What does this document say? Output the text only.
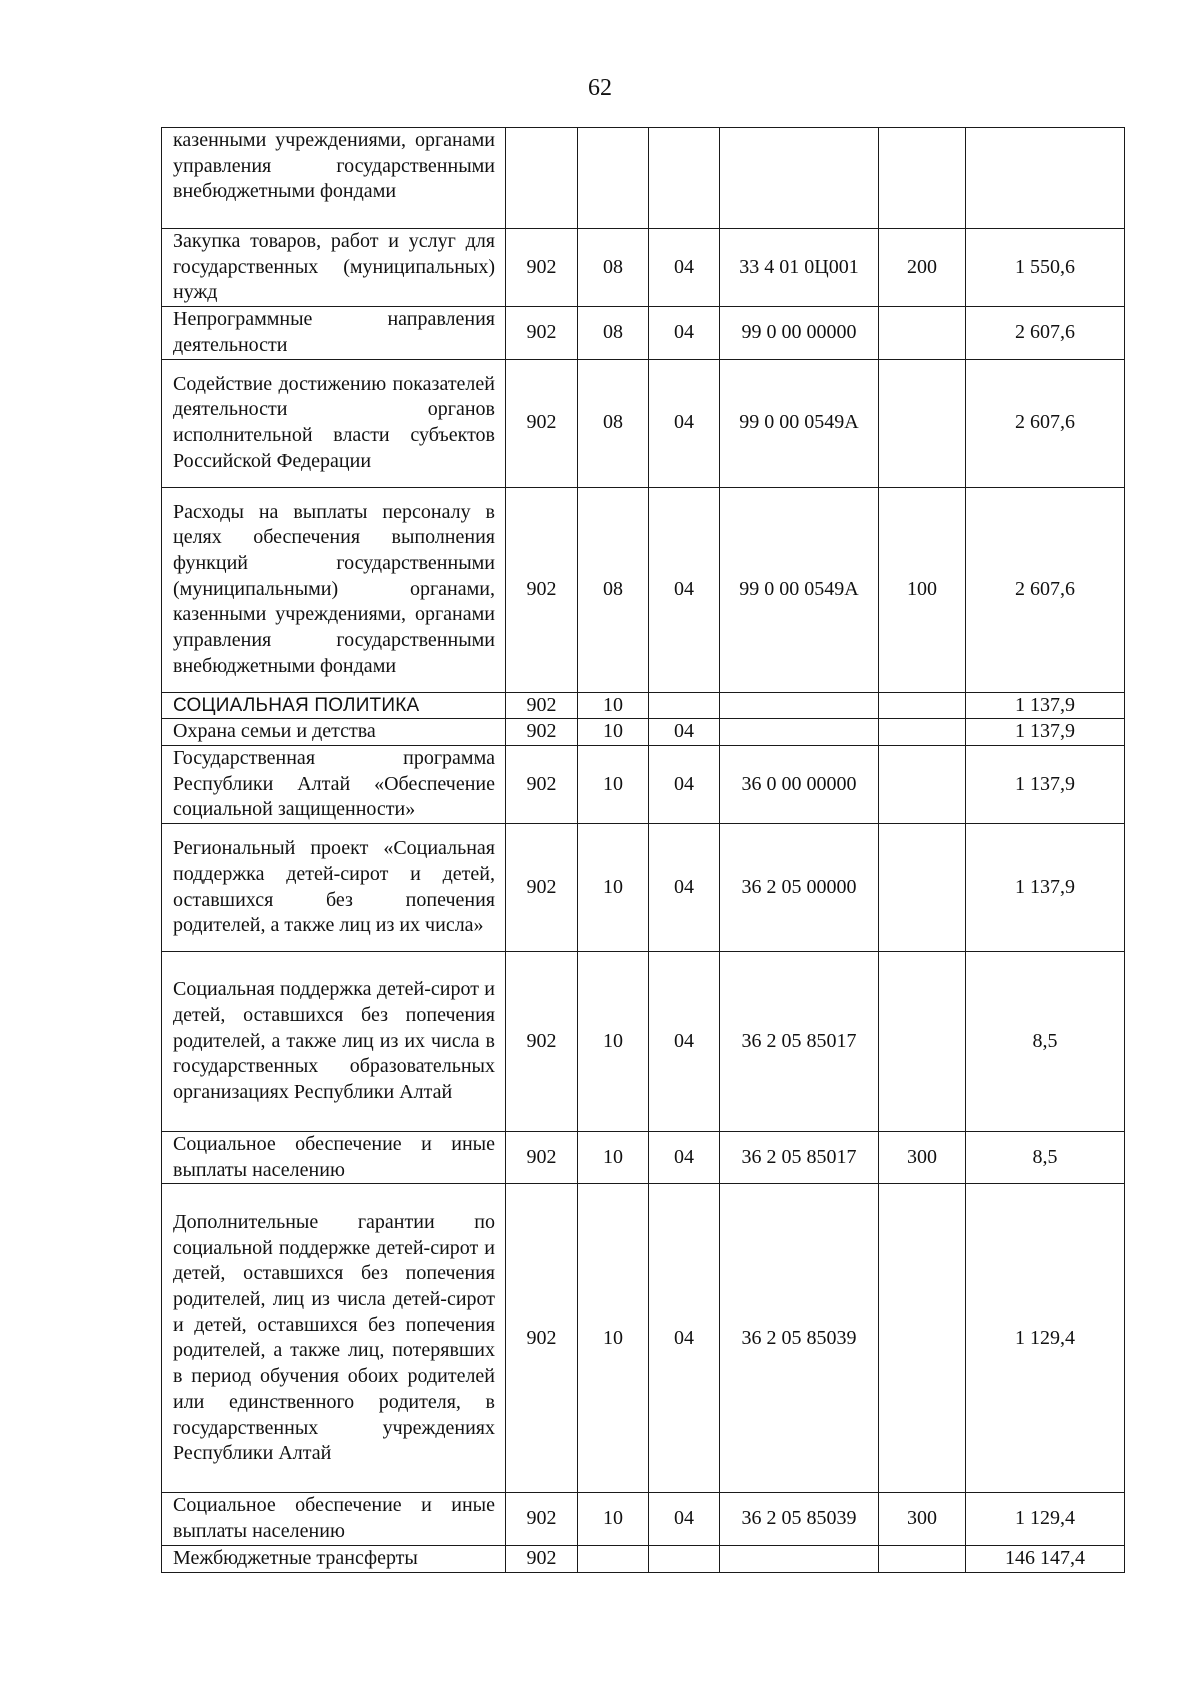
62
казенными учреждениями, органами управления государственными внебюджетными фондами						
Закупка товаров, работ и услуг для государственных (муниципальных) нужд	902	08	04	33 4 01 0Ц001	200	1 550,6
Непрограммные направления деятельности	902	08	04	99 0 00 00000		2 607,6
Содействие достижению показателей деятельности органов исполнительной власти субъектов Российской Федерации	902	08	04	99 0 00 0549А		2 607,6
Расходы на выплаты персоналу в целях обеспечения выполнения функций государственными (муниципальными) органами, казенными учреждениями, органами управления государственными внебюджетными фондами	902	08	04	99 0 00 0549А	100	2 607,6
СОЦИАЛЬНАЯ ПОЛИТИКА	902	10				1 137,9
Охрана семьи и детства	902	10	04			1 137,9
Государственная программа Республики Алтай «Обеспечение социальной защищенности»	902	10	04	36 0 00 00000		1 137,9
Региональный проект «Социальная поддержка детей-сирот и детей, оставшихся без попечения родителей, а также лиц из их числа»	902	10	04	36 2 05 00000		1 137,9
Социальная поддержка детей-сирот и детей, оставшихся без попечения родителей, а также лиц из их числа в государственных образовательных организациях Республики Алтай	902	10	04	36 2 05 85017		8,5
Социальное обеспечение и иные выплаты населению	902	10	04	36 2 05 85017	300	8,5
Дополнительные гарантии по социальной поддержке детей-сирот и детей, оставшихся без попечения родителей, лиц из числа детей-сирот и детей, оставшихся без попечения родителей, а также лиц, потерявших в период обучения обоих родителей или единственного родителя, в государственных учреждениях Республики Алтай	902	10	04	36 2 05 85039		1 129,4
Социальное обеспечение и иные выплаты населению	902	10	04	36 2 05 85039	300	1 129,4
Межбюджетные трансферты	902					146 147,4
